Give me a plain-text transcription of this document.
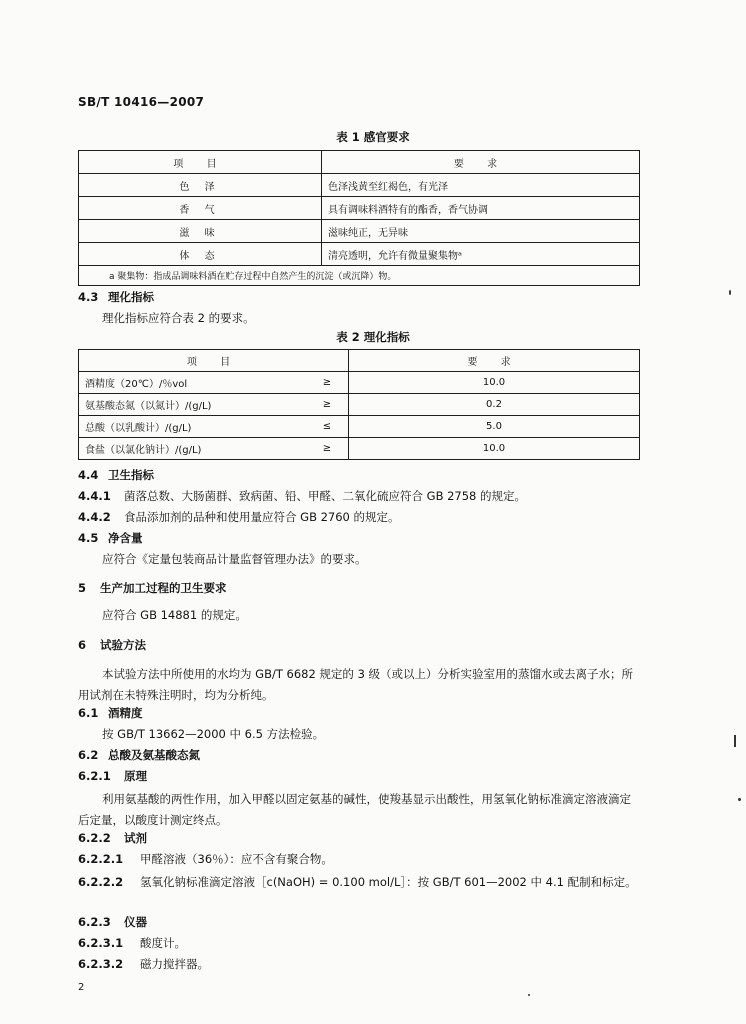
SB/T 10416—2007
表 1 感官要求
项 目	要 求
色 泽	色泽浅黄至红褐色，有光泽
香 气	具有调味料酒特有的酯香，香气协调
滋 味	滋味纯正，无异味
体 态	清亮透明，允许有微量聚集物ᵃ
a 聚集物：指成品调味料酒在贮存过程中自然产生的沉淀（或沉降）物。	
4.3 理化指标
理化指标应符合表 2 的要求。
表 2 理化指标
项 目		要 求
酒精度（20℃）/％vol	≥	10.0
氨基酸态氮（以氮计）/(g/L)	≥	0.2
总酸（以乳酸计）/(g/L)	≤	5.0
食盐（以氯化钠计）/(g/L)	≥	10.0
4.4 卫生指标
4.4.1 菌落总数、大肠菌群、致病菌、铅、甲醛、二氧化硫应符合 GB 2758 的规定。
4.4.2 食品添加剂的品种和使用量应符合 GB 2760 的规定。
4.5 净含量
应符合《定量包装商品计量监督管理办法》的要求。
5 生产加工过程的卫生要求
应符合 GB 14881 的规定。
6 试验方法
本试验方法中所使用的水均为 GB/T 6682 规定的 3 级（或以上）分析实验室用的蒸馏水或去离子水；所用试剂在未特殊注明时，均为分析纯。
6.1 酒精度
按 GB/T 13662—2000 中 6.5 方法检验。
6.2 总酸及氨基酸态氮
6.2.1 原理
利用氨基酸的两性作用，加入甲醛以固定氨基的碱性，使羧基显示出酸性，用氢氧化钠标准滴定溶液滴定后定量，以酸度计测定终点。
6.2.2 试剂
6.2.2.1 甲醛溶液（36％）：应不含有聚合物。
6.2.2.2 氢氧化钠标准滴定溶液［c(NaOH) = 0.100 mol/L］：按 GB/T 601—2002 中 4.1 配制和标定。
6.2.3 仪器
6.2.3.1 酸度计。
6.2.3.2 磁力搅拌器。
2
